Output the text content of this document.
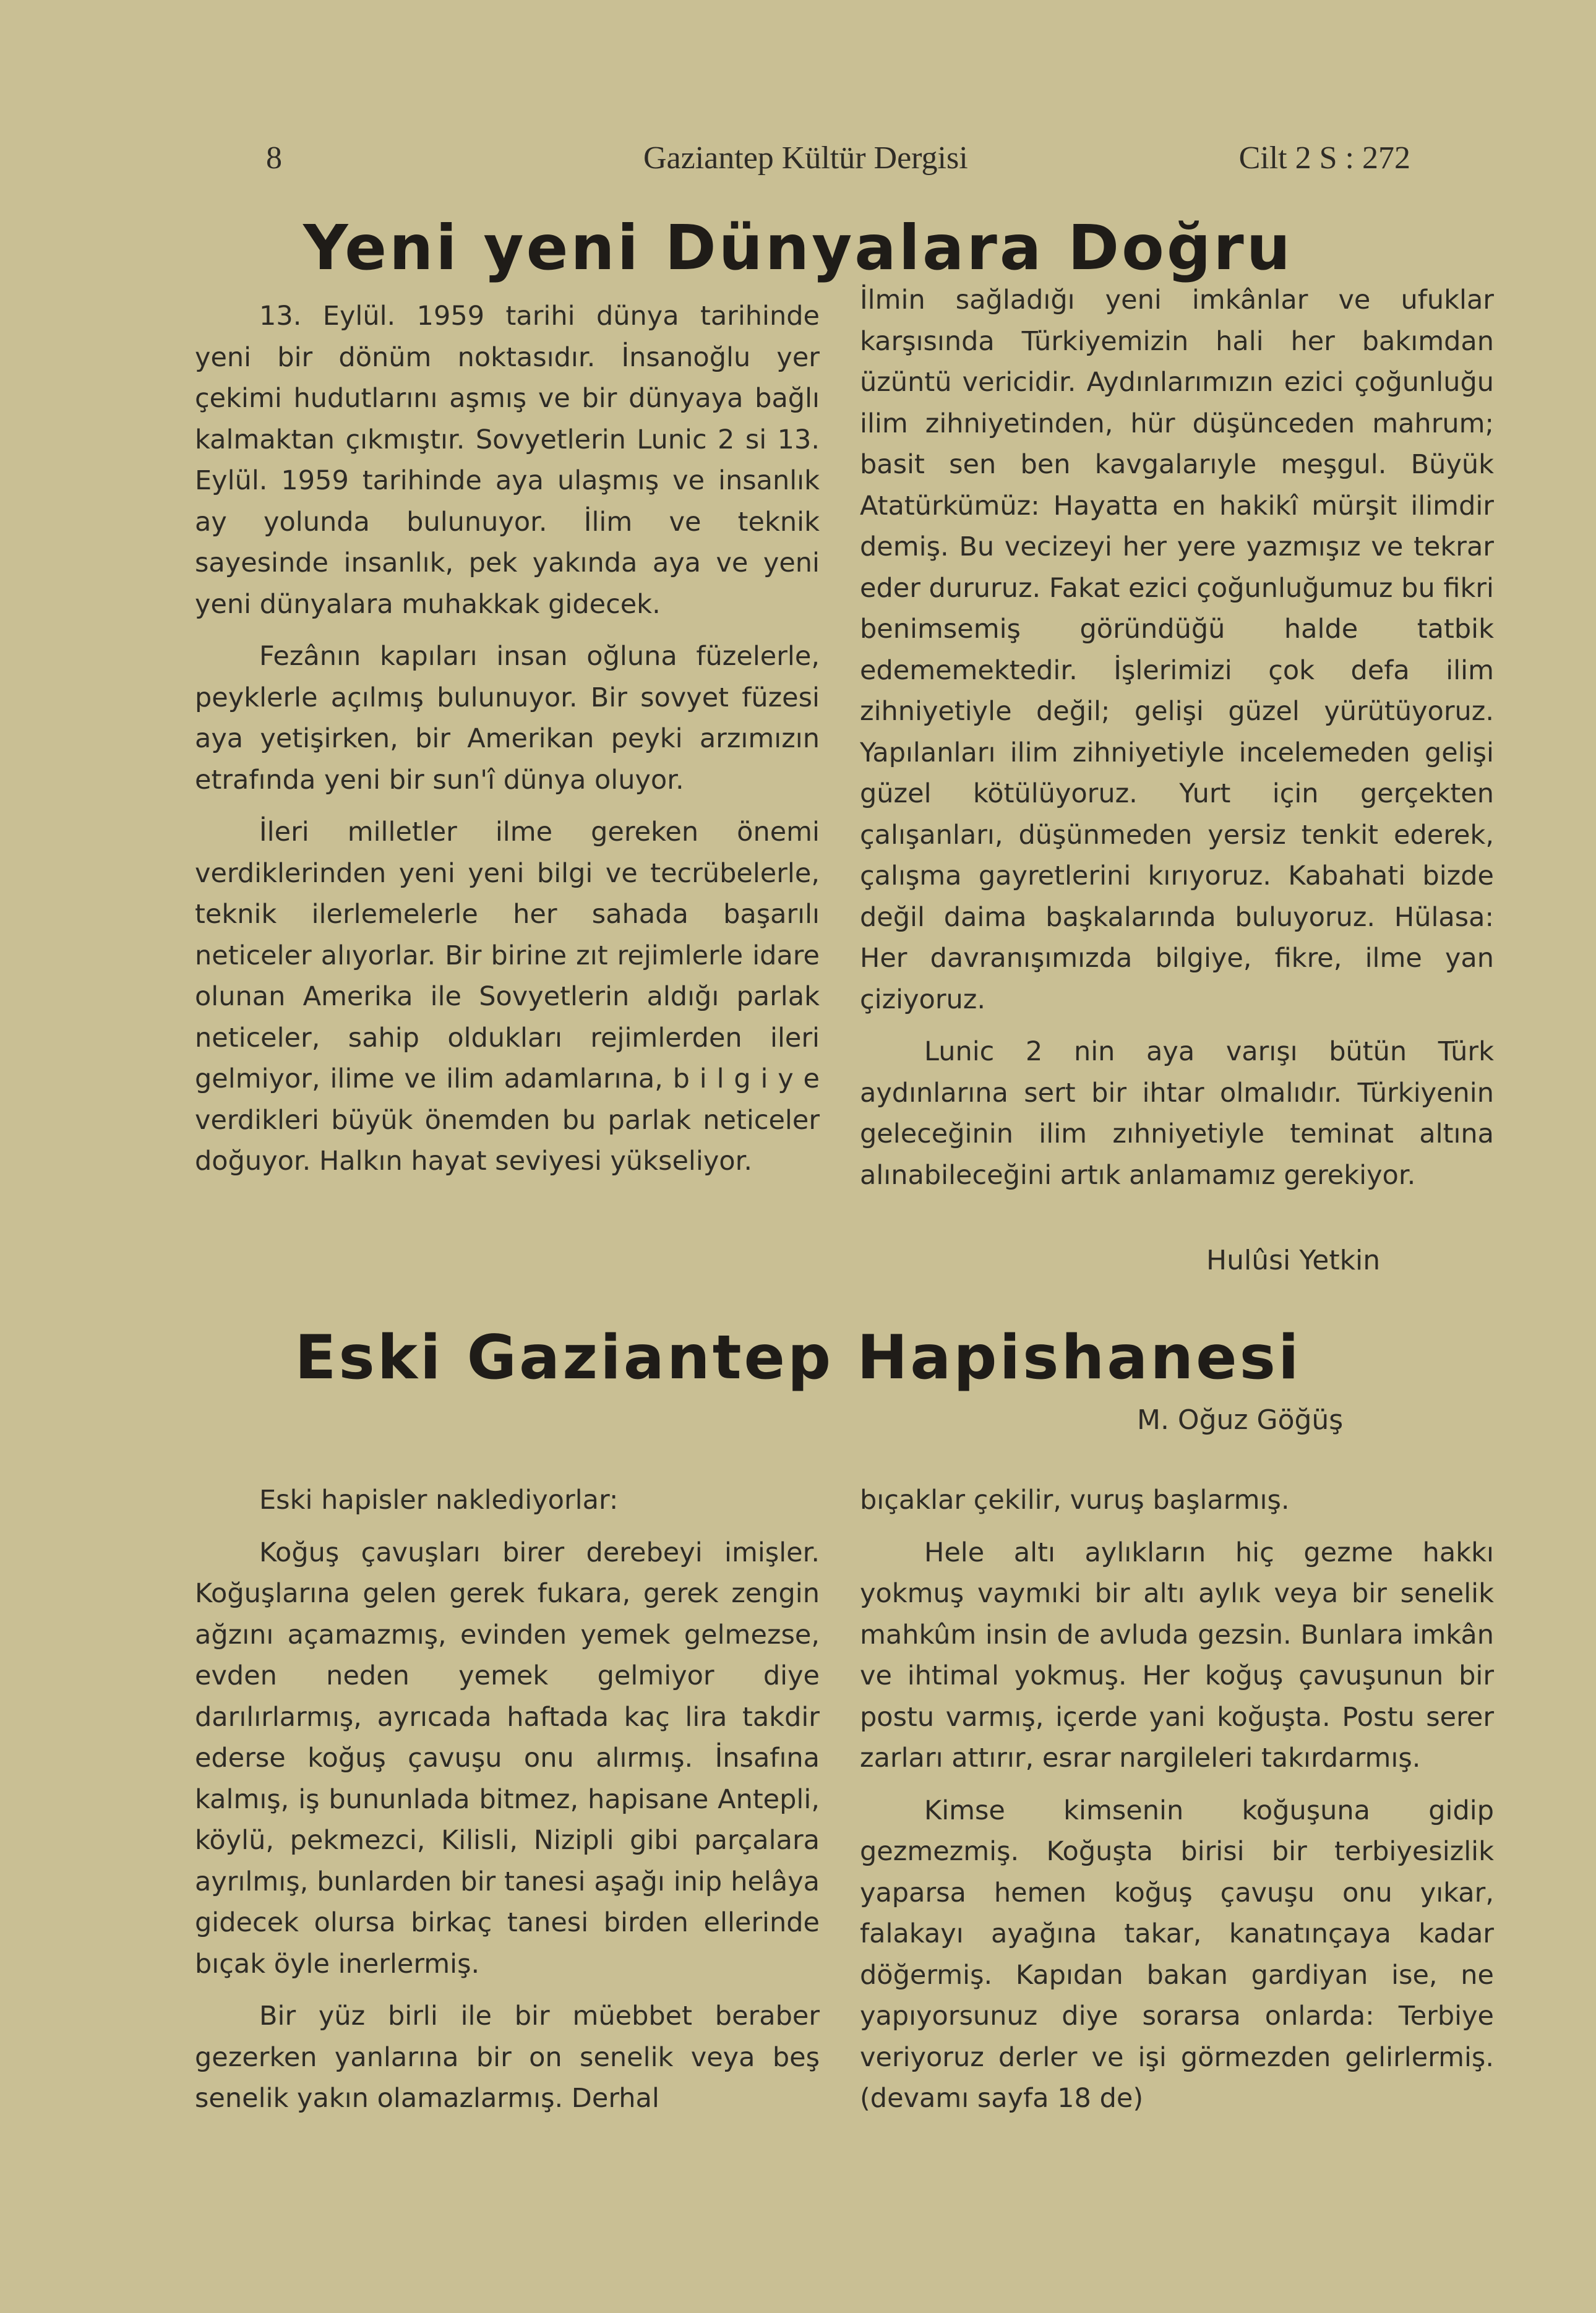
8	Gaziantep Kültür Dergisi	Cilt 2 S : 272
Yeni yeni Dünyalara Doğru

13. Eylül. 1959 tarihi dünya tarihinde yeni bir dönüm noktasıdır. İnsanoğlu yer çekimi hudutlarını aşmış ve bir dünyaya bağlı kalmaktan çıkmıştır. Sovyetlerin Lunic 2 si 13. Eylül. 1959 tarihinde aya ulaşmış ve insanlık ay yolunda bulunuyor. İlim ve teknik sayesinde insanlık, pek yakında aya ve yeni yeni dünyalara muhakkak gidecek.

Fezânın kapıları insan oğluna füzelerle, peyklerle açılmış bulunuyor. Bir sovyet füzesi aya yetişirken, bir Amerikan peyki arzımızın etrafında yeni bir sun'î dünya oluyor.

İleri milletler ilme gereken önemi verdiklerinden yeni yeni bilgi ve tecrübelerle, teknik ilerlemelerle her sahada başarılı neticeler alıyorlar. Bir birine zıt rejimlerle idare olunan Amerika ile Sovyetlerin aldığı parlak neticeler, sahip oldukları rejimlerden ileri gelmiyor, ilime ve ilim adamlarına, b i l g i y e verdikleri büyük önemden bu parlak neticeler doğuyor. Halkın hayat seviyesi yükseliyor.

İlmin sağladığı yeni imkânlar ve ufuklar karşısında Türkiyemizin hali her bakımdan üzüntü vericidir. Aydınlarımızın ezici çoğunluğu ilim zihniyetinden, hür düşünceden mahrum; basit sen ben kavgalarıyle meşgul. Büyük Atatürkümüz: Hayatta en hakikî mürşit ilimdir demiş. Bu vecizeyi her yere yazmışız ve tekrar eder dururuz. Fakat ezici çoğunluğumuz bu fikri benimsemiş göründüğü halde tatbik edememektedir. İşlerimizi çok defa ilim zihniyetiyle değil; gelişi güzel yürütüyoruz. Yapılanları ilim zihniyetiyle incelemeden gelişi güzel kötülüyoruz. Yurt için gerçekten çalışanları, düşünmeden yersiz tenkit ederek, çalışma gayretlerini kırıyoruz. Kabahati bizde değil daima başkalarında buluyoruz. Hülasa: Her davranışımızda bilgiye, fikre, ilme yan çiziyoruz.

Lunic 2 nin aya varışı bütün Türk aydınlarına sert bir ihtar olmalıdır. Türkiyenin geleceğinin ilim zıhniyetiyle teminat altına alınabileceğini artık anlamamız gerekiyor.

Hulûsi Yetkin
Eski Gaziantep Hapishanesi
M. Oğuz Göğüş

Eski hapisler naklediyorlar:

Koğuş çavuşları birer derebeyi imişler. Koğuşlarına gelen gerek fukara, gerek zengin ağzını açamazmış, evinden yemek gelmezse, evden neden yemek gelmiyor diye darılırlarmış, ayrıcada haftada kaç lira takdir ederse koğuş çavuşu onu alırmış. İnsafına kalmış, iş bununlada bitmez, hapisane Antepli, köylü, pekmezci, Kilisli, Nizipli gibi parçalara ayrılmış, bunlarden bir tanesi aşağı inip helâya gidecek olursa birkaç tanesi birden ellerinde bıçak öyle inerlermiş.

Bir yüz birli ile bir müebbet beraber gezerken yanlarına bir on senelik veya beş senelik yakın olamazlarmış. Derhal

bıçaklar çekilir, vuruş başlarmış.

Hele altı aylıkların hiç gezme hakkı yokmuş vaymıki bir altı aylık veya bir senelik mahkûm insin de avluda gezsin. Bunlara imkân ve ihtimal yokmuş. Her koğuş çavuşunun bir postu varmış, içerde yani koğuşta. Postu serer zarları attırır, esrar nargileleri takırdarmış.

Kimse kimsenin koğuşuna gidip gezmezmiş. Koğuşta birisi bir terbiyesizlik yaparsa hemen koğuş çavuşu onu yıkar, falakayı ayağına takar, kanatınçaya kadar döğermiş. Kapıdan bakan gardiyan ise, ne yapıyorsunuz diye sorarsa onlarda: Terbiye veriyoruz derler ve işi görmezden gelirlermiş. (devamı sayfa 18 de)
